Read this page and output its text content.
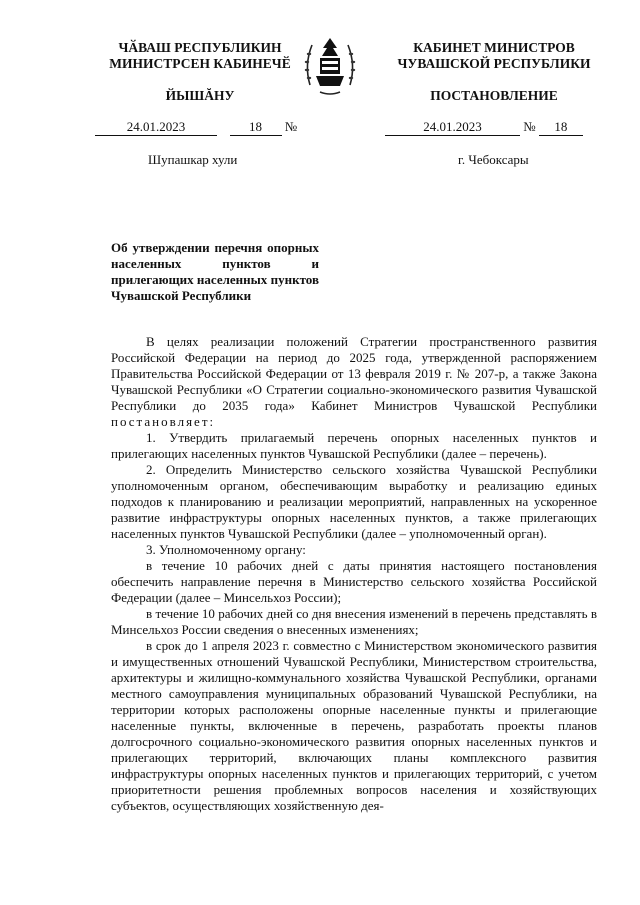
ЧӐВАШ РЕСПУБЛИКИН
МИНИСТРСЕН КАБИНЕЧӖ
КАБИНЕТ МИНИСТРОВ
ЧУВАШСКОЙ РЕСПУБЛИКИ
ЙЫШĂНУ	ПОСТАНОВЛЕНИЕ
24.01.2023	18 №	24.01.2023	№ 18
Шупашкар хули	г. Чебоксары
Об утверждении перечня опорных населенных пунктов и прилегающих населенных пунктов Чувашской Республики

В целях реализации положений Стратегии пространственного развития Российской Федерации на период до 2025 года, утвержденной распоряжением Правительства Российской Федерации от 13 февраля 2019 г. № 207-р, а также Закона Чувашской Республики «О Стратегии социально-экономического развития Чувашской Республики до 2035 года» Кабинет Министров Чувашской Республики постановляет:

1. Утвердить прилагаемый перечень опорных населенных пунктов и прилегающих населенных пунктов Чувашской Республики (далее – перечень).

2. Определить Министерство сельского хозяйства Чувашской Республики уполномоченным органом, обеспечивающим выработку и реализацию единых подходов к планированию и реализации мероприятий, направленных на ускоренное развитие инфраструктуры опорных населенных пунктов, а также прилегающих населенных пунктов Чувашской Республики (далее – уполномоченный орган).

3. Уполномоченному органу:

в течение 10 рабочих дней с даты принятия настоящего постановления обеспечить направление перечня в Министерство сельского хозяйства Российской Федерации (далее – Минсельхоз России);

в течение 10 рабочих дней со дня внесения изменений в перечень представлять в Минсельхоз России сведения о внесенных изменениях;

в срок до 1 апреля 2023 г. совместно с Министерством экономического развития и имущественных отношений Чувашской Республики, Министерством строительства, архитектуры и жилищно-коммунального хозяйства Чувашской Республики, органами местного самоуправления муниципальных образований Чувашской Республики, на территории которых расположены опорные населенные пункты и прилегающие населенные пункты, включенные в перечень, разработать проекты планов долгосрочного социально-экономического развития опорных населенных пунктов и прилегающих территорий, включающих планы комплексного развития инфраструктуры опорных населенных пунктов и прилегающих территорий, с учетом приоритетности решения проблемных вопросов населения и хозяйствующих субъектов, осуществляющих хозяйственную дея-
